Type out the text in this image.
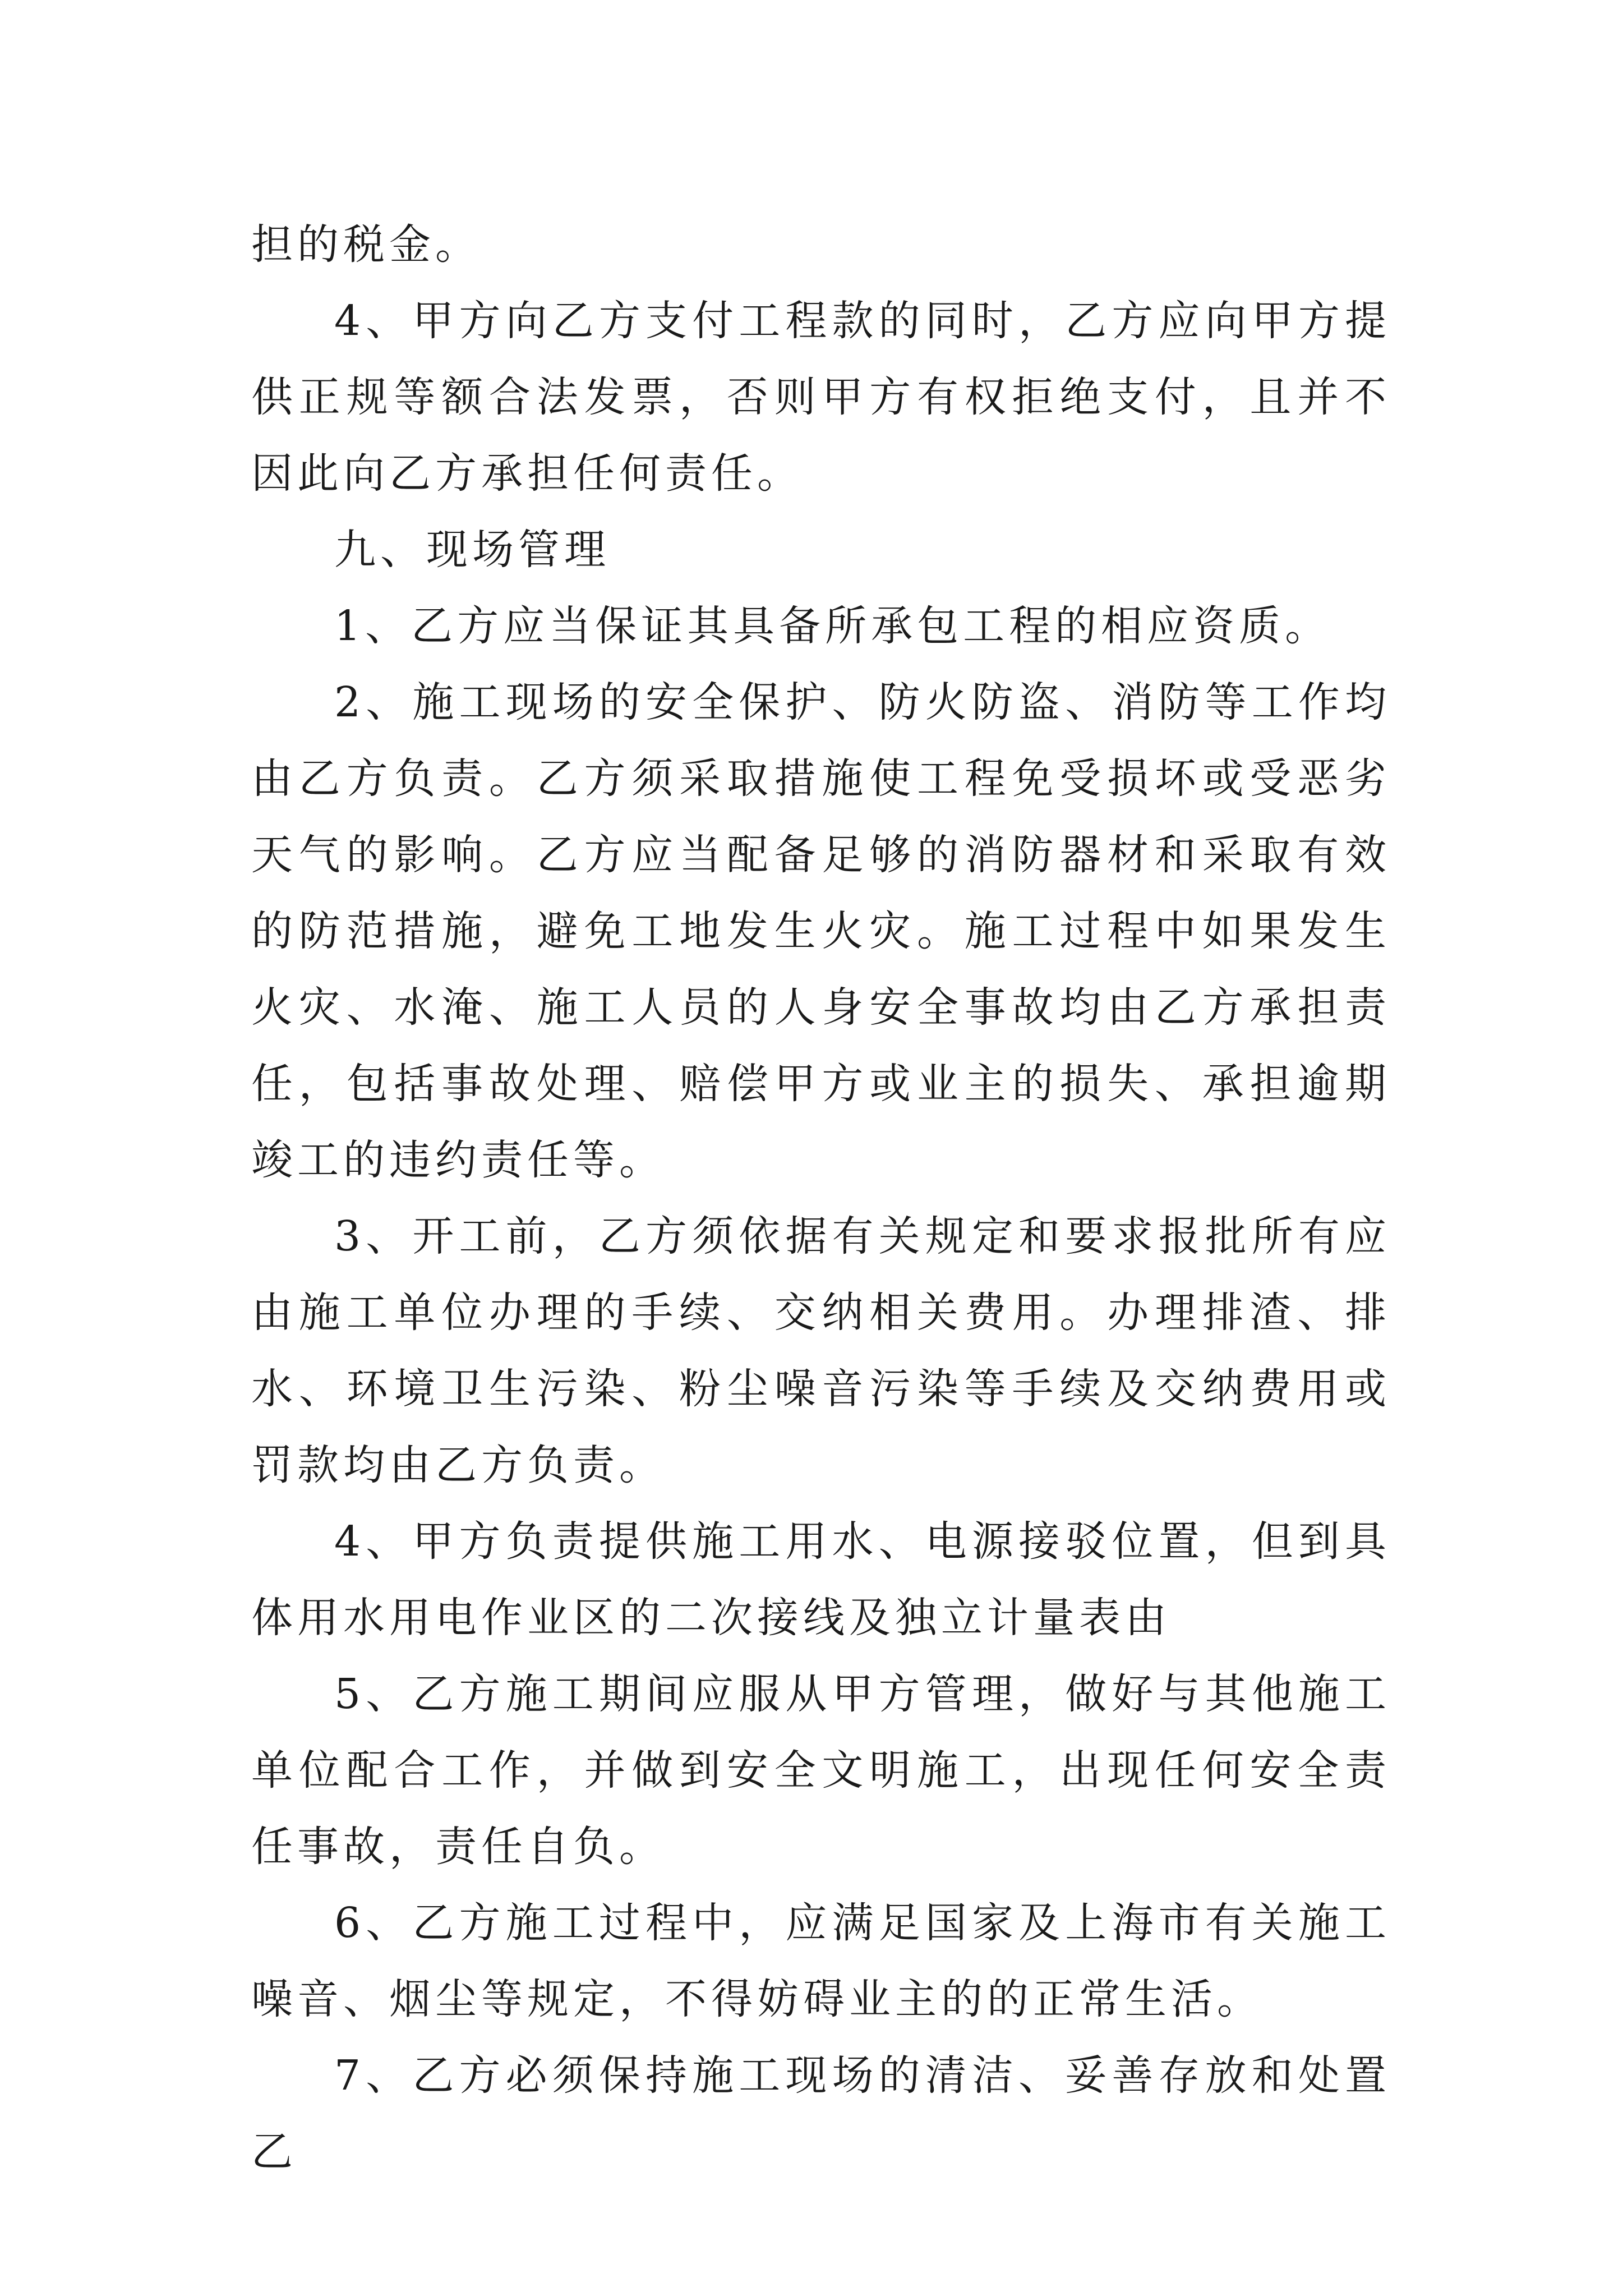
担的税金。

4、甲方向乙方支付工程款的同时，乙方应向甲方提供正规等额合法发票，否则甲方有权拒绝支付，且并不因此向乙方承担任何责任。

九、现场管理

1、乙方应当保证其具备所承包工程的相应资质。

2、施工现场的安全保护、防火防盗、消防等工作均由乙方负责。乙方须采取措施使工程免受损坏或受恶劣天气的影响。乙方应当配备足够的消防器材和采取有效的防范措施，避免工地发生火灾。施工过程中如果发生火灾、水淹、施工人员的人身安全事故均由乙方承担责任，包括事故处理、赔偿甲方或业主的损失、承担逾期竣工的违约责任等。

3、开工前，乙方须依据有关规定和要求报批所有应由施工单位办理的手续、交纳相关费用。办理排渣、排水、环境卫生污染、粉尘噪音污染等手续及交纳费用或罚款均由乙方负责。

4、甲方负责提供施工用水、电源接驳位置，但到具体用水用电作业区的二次接线及独立计量表由

5、乙方施工期间应服从甲方管理，做好与其他施工单位配合工作，并做到安全文明施工，出现任何安全责任事故，责任自负。

6、乙方施工过程中，应满足国家及上海市有关施工噪音、烟尘等规定，不得妨碍业主的的正常生活。

7、乙方必须保持施工现场的清洁、妥善存放和处置乙
